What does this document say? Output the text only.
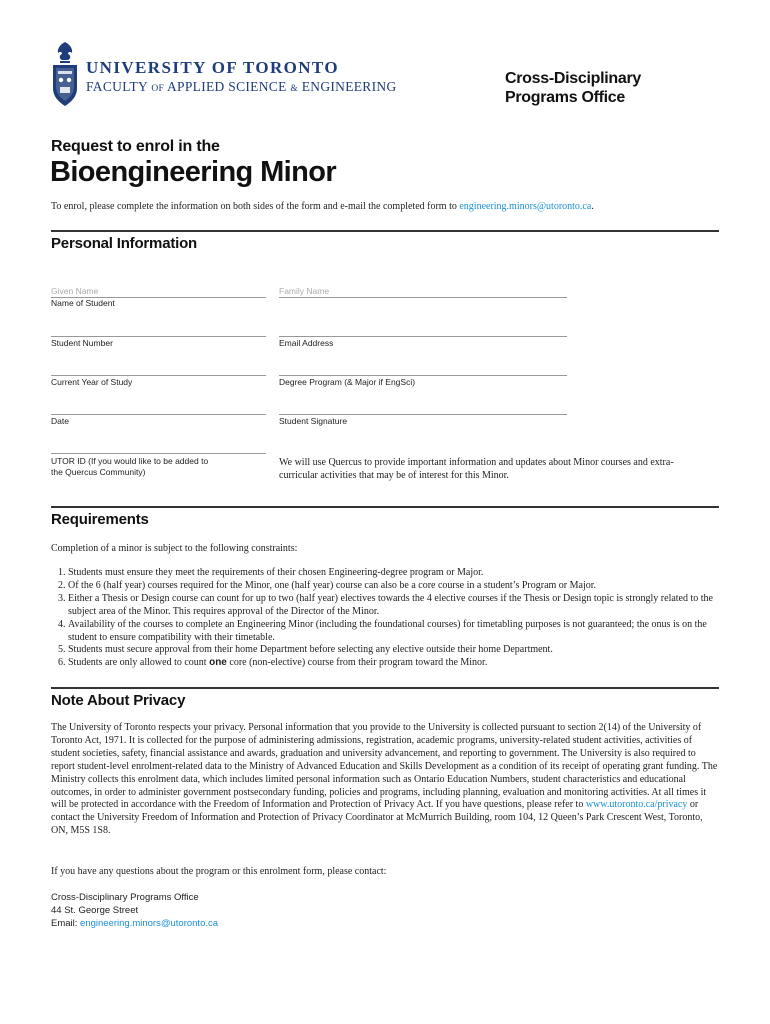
UNIVERSITY OF TORONTO
FACULTY OF APPLIED SCIENCE & ENGINEERING	Cross-Disciplinary
Programs Office
Request to enrol in the
Bioengineering Minor
To enrol, please complete the information on both sides of the form and e-mail the completed form to engineering.minors@utoronto.ca.
Personal Information
Given Name	Family Name
Name of Student
Student Number	Email Address
Current Year of Study	Degree Program (& Major if EngSci)
Date	Student Signature
UTOR ID (If you would like to be added to
the Quercus Community)
We will use Quercus to provide important information and updates about Minor courses and extra-curricular activities that may be of interest for this Minor.
Requirements
Completion of a minor is subject to the following constraints:
1. Students must ensure they meet the requirements of their chosen Engineering-degree program or Major.
2. Of the 6 (half year) courses required for the Minor, one (half year) course can also be a core course in a student’s Program or Major.
3. Either a Thesis or Design course can count for up to two (half year) electives towards the 4 elective courses if the Thesis or Design topic is strongly related to the subject area of the Minor. This requires approval of the Director of the Minor.
4. Availability of the courses to complete an Engineering Minor (including the foundational courses) for timetabling purposes is not guaranteed; the onus is on the student to ensure compatibility with their timetable.
5. Students must secure approval from their home Department before selecting any elective outside their home Department.
6. Students are only allowed to count one core (non-elective) course from their program toward the Minor.
Note About Privacy
The University of Toronto respects your privacy. Personal information that you provide to the University is collected pursuant to section 2(14) of the University of Toronto Act, 1971. It is collected for the purpose of administering admissions, registration, academic programs, university-related student activities, activities of student societies, safety, financial assistance and awards, graduation and university advancement, and reporting to government. The University is also required to report student-level enrolment-related data to the Ministry of Advanced Education and Skills Development as a condition of its receipt of operating grant funding. The Ministry collects this enrolment data, which includes limited personal information such as Ontario Education Numbers, student characteristics and educational outcomes, in order to administer government postsecondary funding, policies and programs, including planning, evaluation and monitoring activities. At all times it will be protected in accordance with the Freedom of Information and Protection of Privacy Act. If you have questions, please refer to www.utoronto.ca/privacy or contact the University Freedom of Information and Protection of Privacy Coordinator at McMurrich Building, room 104, 12 Queen’s Park Crescent West, Toronto, ON, M5S 1S8.
If you have any questions about the program or this enrolment form, please contact:
Cross-Disciplinary Programs Office
44 St. George Street
Email: engineering.minors@utoronto.ca
